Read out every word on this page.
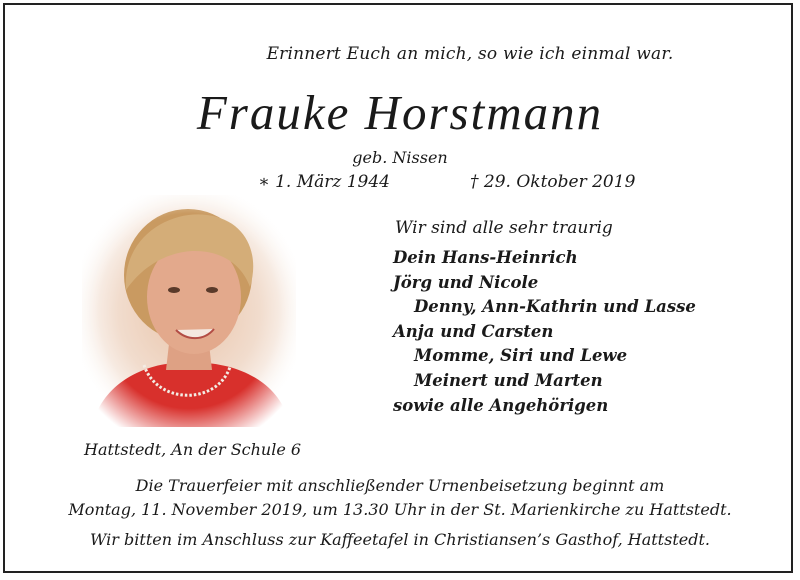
Erinnert Euch an mich, so wie ich einmal war.
Frauke Horstmann
geb. Nissen
∗ 1. März 1944	† 29. Oktober 2019
Hattstedt, An der Schule 6
Wir sind alle sehr traurig
Dein Hans-Heinrich
Jörg und Nicole
Denny, Ann-Kathrin und Lasse
Anja und Carsten
Momme, Siri und Lewe
Meinert und Marten
sowie alle Angehörigen
Die Trauerfeier mit anschließender Urnenbeisetzung beginnt am
Montag, 11. November 2019, um 13.30 Uhr in der St. Marienkirche zu Hattstedt.
Wir bitten im Anschluss zur Kaffeetafel in Christiansen’s Gasthof, Hattstedt.
